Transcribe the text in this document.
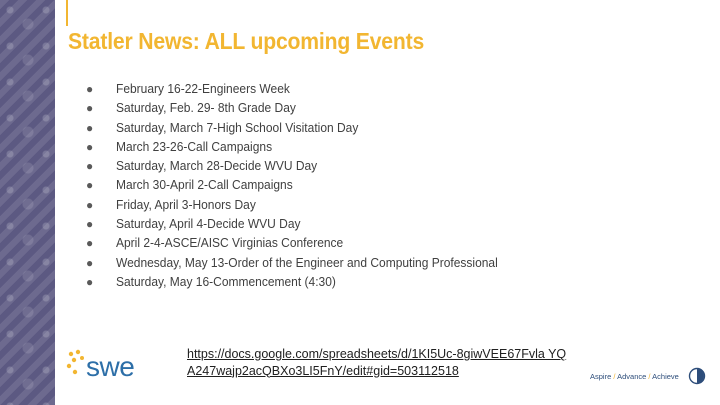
Statler News: ALL upcoming Events
●	February 16-22-Engineers Week
●	Saturday, Feb. 29- 8th Grade Day
●	Saturday, March 7-High School Visitation Day
●	March 23-26-Call Campaigns
●	Saturday, March 28-Decide WVU Day
●	March 30-April 2-Call Campaigns
●	Friday, April 3-Honors Day
●	Saturday, April 4-Decide WVU Day
●	April 2-4-ASCE/AISC Virginias Conference
●	Wednesday, May 13-Order of the Engineer and Computing Professional
●	Saturday, May 16-Commencement (4:30)
swe	https://docs.google.com/spreadsheets/d/1KI5Uc-8giwVEE67Fvla YQA247wajp2acQBXo3LI5FnY/edit#gid=503112518	Aspire / Advance / Achieve
